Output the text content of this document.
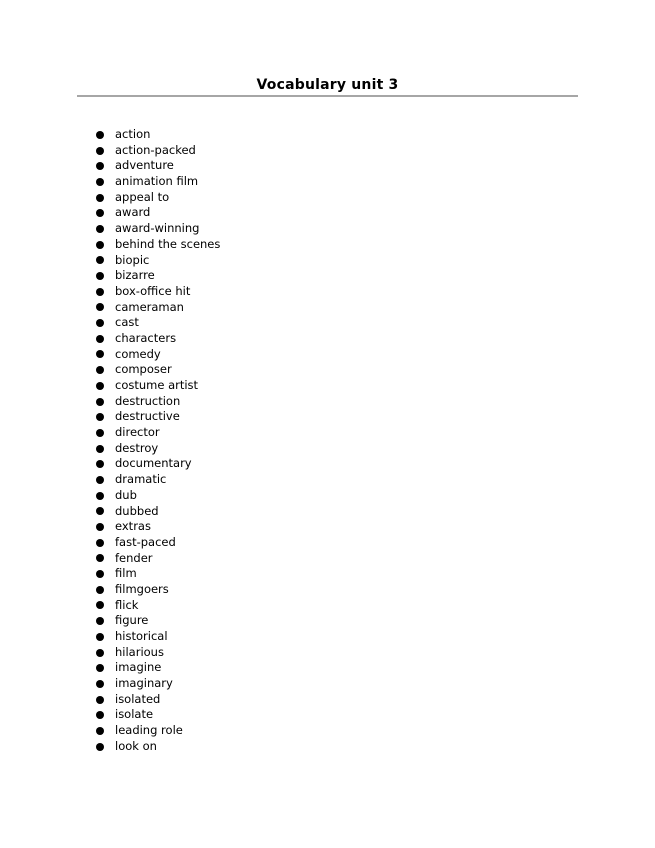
Vocabulary unit 3
action
action-packed
adventure
animation film
appeal to
award
award-winning
behind the scenes
biopic
bizarre
box-office hit
cameraman
cast
characters
comedy
composer
costume artist
destruction
destructive
director
destroy
documentary
dramatic
dub
dubbed
extras
fast-paced
fender
film
filmgoers
flick
figure
historical
hilarious
imagine
imaginary
isolated
isolate
leading role
look on
